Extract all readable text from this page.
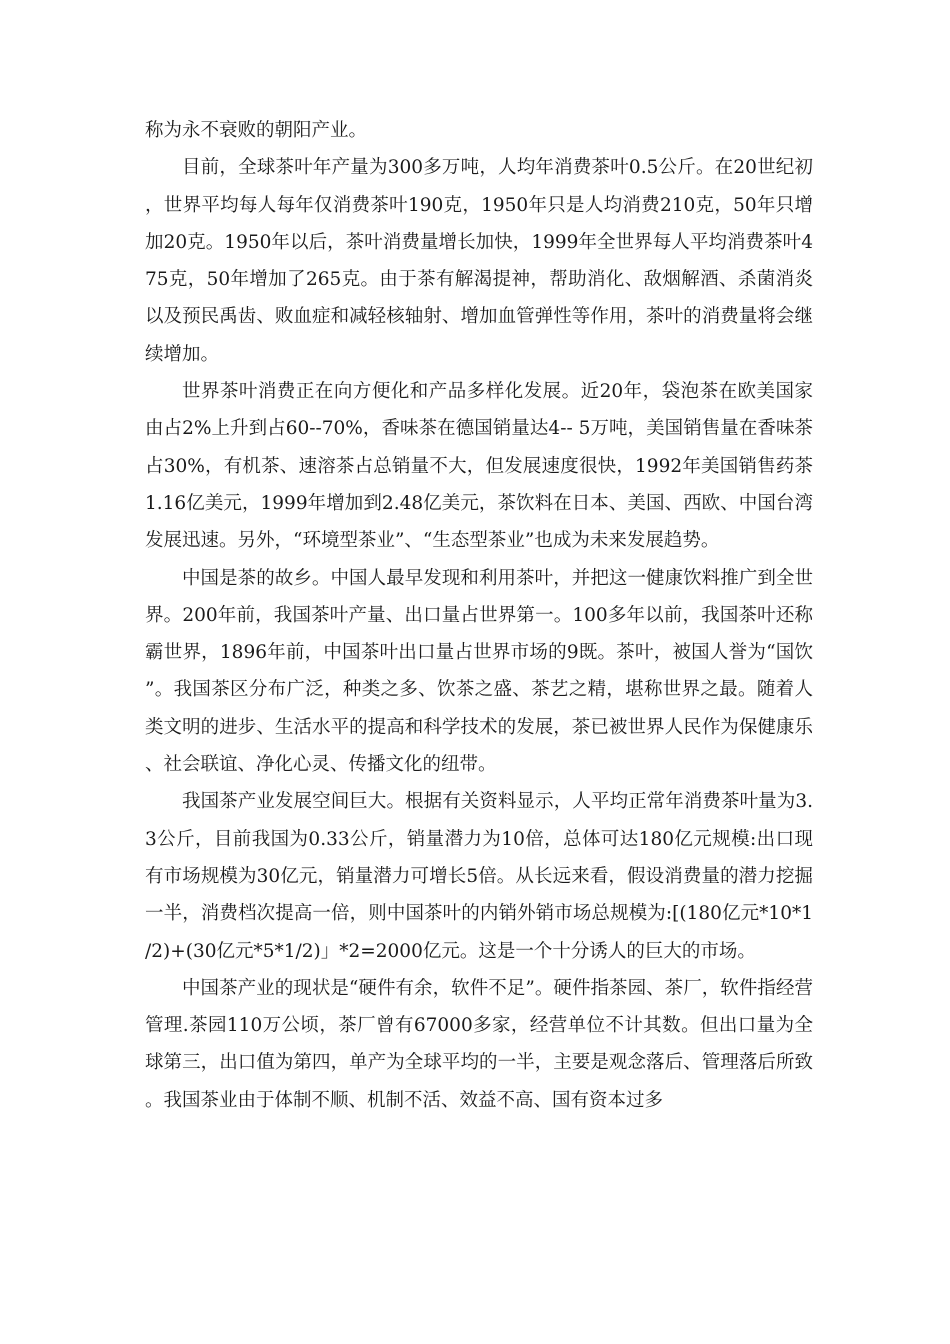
称为永不衰败的朝阳产业。

目前，全球茶叶年产量为300多万吨，人均年消费茶叶0.5公斤。在20世纪初，世界平均每人每年仅消费茶叶190克，1950年只是人均消费210克，50年只增加20克。1950年以后，茶叶消费量增长加快，1999年全世界每人平均消费茶叶475克，50年增加了265克。由于茶有解渴提神，帮助消化、敌烟解酒、杀菌消炎以及预民禹齿、败血症和减轻核轴射、增加血管弹性等作用，茶叶的消费量将会继续增加。

世界茶叶消费正在向方便化和产品多样化发展。近20年，袋泡茶在欧美国家由占2%上升到占60--70%，香味茶在德国销量达4-- 5万吨，美国销售量在香味茶占30%，有机茶、速溶茶占总销量不大，但发展速度很快，1992年美国销售药茶1.16亿美元，1999年增加到2.48亿美元，茶饮料在日本、美国、西欧、中国台湾发展迅速。另外，“环境型茶业”、“生态型茶业”也成为未来发展趋势。

中国是茶的故乡。中国人最早发现和利用茶叶，并把这一健康饮料推广到全世界。200年前，我国茶叶产量、出口量占世界第一。100多年以前，我国茶叶还称霸世界，1896年前，中国茶叶出口量占世界市场的9既。茶叶，被国人誉为“国饮”。我国茶区分布广泛，种类之多、饮茶之盛、茶艺之精，堪称世界之最。随着人类文明的进步、生活水平的提高和科学技术的发展，茶已被世界人民作为保健康乐、社会联谊、净化心灵、传播文化的纽带。

我国茶产业发展空间巨大。根据有关资料显示，人平均正常年消费茶叶量为3.3公斤，目前我国为0.33公斤，销量潜力为10倍，总体可达180亿元规模:出口现有市场规模为30亿元，销量潜力可增长5倍。从长远来看，假设消费量的潜力挖掘一半，消费档次提高一倍，则中国茶叶的内销外销市场总规模为:[(180亿元*10*1/2)+(30亿元*5*1/2)」*2=2000亿元。这是一个十分诱人的巨大的市场。

中国茶产业的现状是“硬件有余，软件不足”。硬件指茶园、茶厂，软件指经营管理.茶园110万公顷，茶厂曾有67000多家，经营单位不计其数。但出口量为全球第三，出口值为第四，单产为全球平均的一半，主要是观念落后、管理落后所致。我国茶业由于体制不顺、机制不活、效益不高、国有资本过多
